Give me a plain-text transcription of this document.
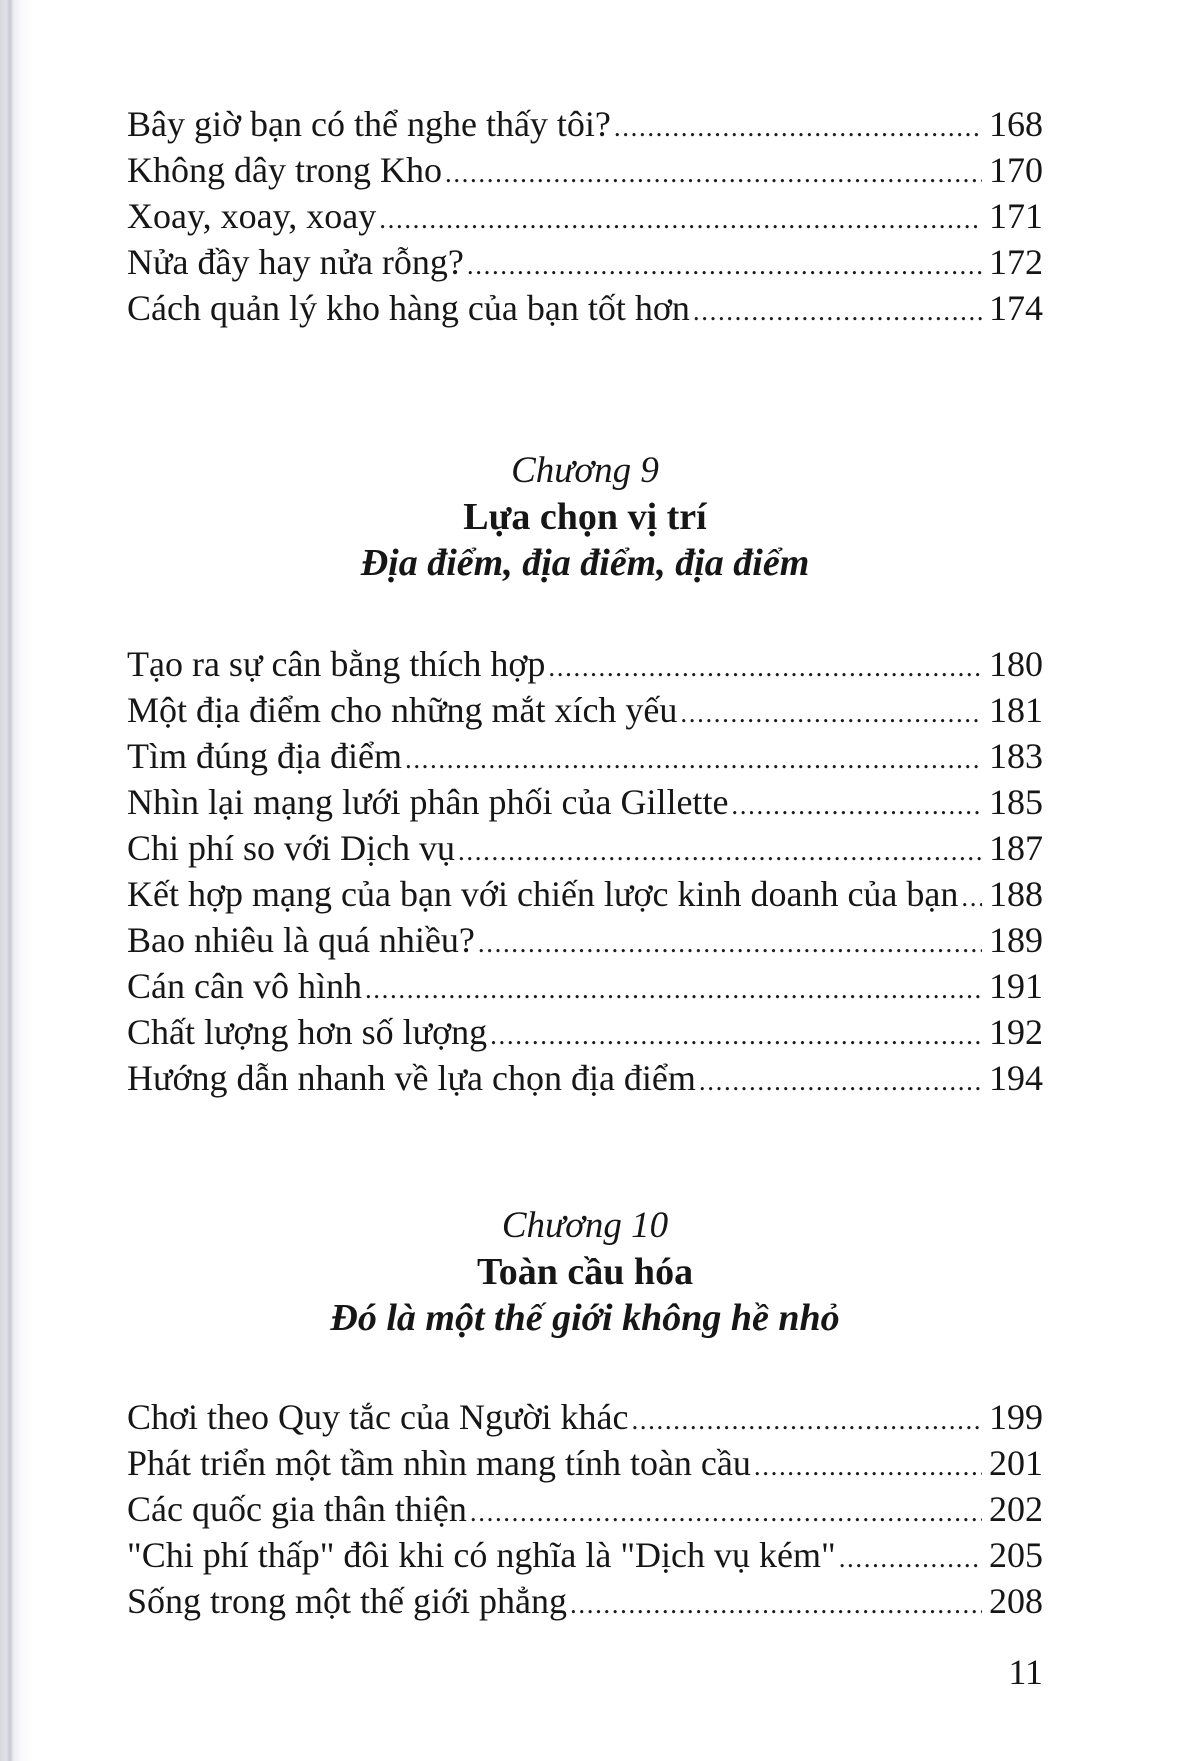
Bây giờ bạn có thể nghe thấy tôi? .....	168
Không dây trong Kho .....	170
Xoay, xoay, xoay .....	171
Nửa đầy hay nửa rỗng? .....	172
Cách quản lý kho hàng của bạn tốt hơn .....	174
Chương 9
Lựa chọn vị trí
Địa điểm, địa điểm, địa điểm
Tạo ra sự cân bằng thích hợp .....	180
Một địa điểm cho những mắt xích yếu .....	181
Tìm đúng địa điểm .....	183
Nhìn lại mạng lưới phân phối của Gillette .....	185
Chi phí so với Dịch vụ .....	187
Kết hợp mạng của bạn với chiến lược kinh doanh của bạn ..... 188
Bao nhiêu là quá nhiều? .....	189
Cán cân vô hình .....	191
Chất lượng hơn số lượng .....	192
Hướng dẫn nhanh về lựa chọn địa điểm .....	194
Chương 10
Toàn cầu hóa
Đó là một thế giới không hề nhỏ
Chơi theo Quy tắc của Người khác .....	199
Phát triển một tầm nhìn mang tính toàn cầu .....	201
Các quốc gia thân thiện .....	202
"Chi phí thấp" đôi khi có nghĩa là "Dịch vụ kém" .....	205
Sống trong một thế giới phẳng .....	208
11
